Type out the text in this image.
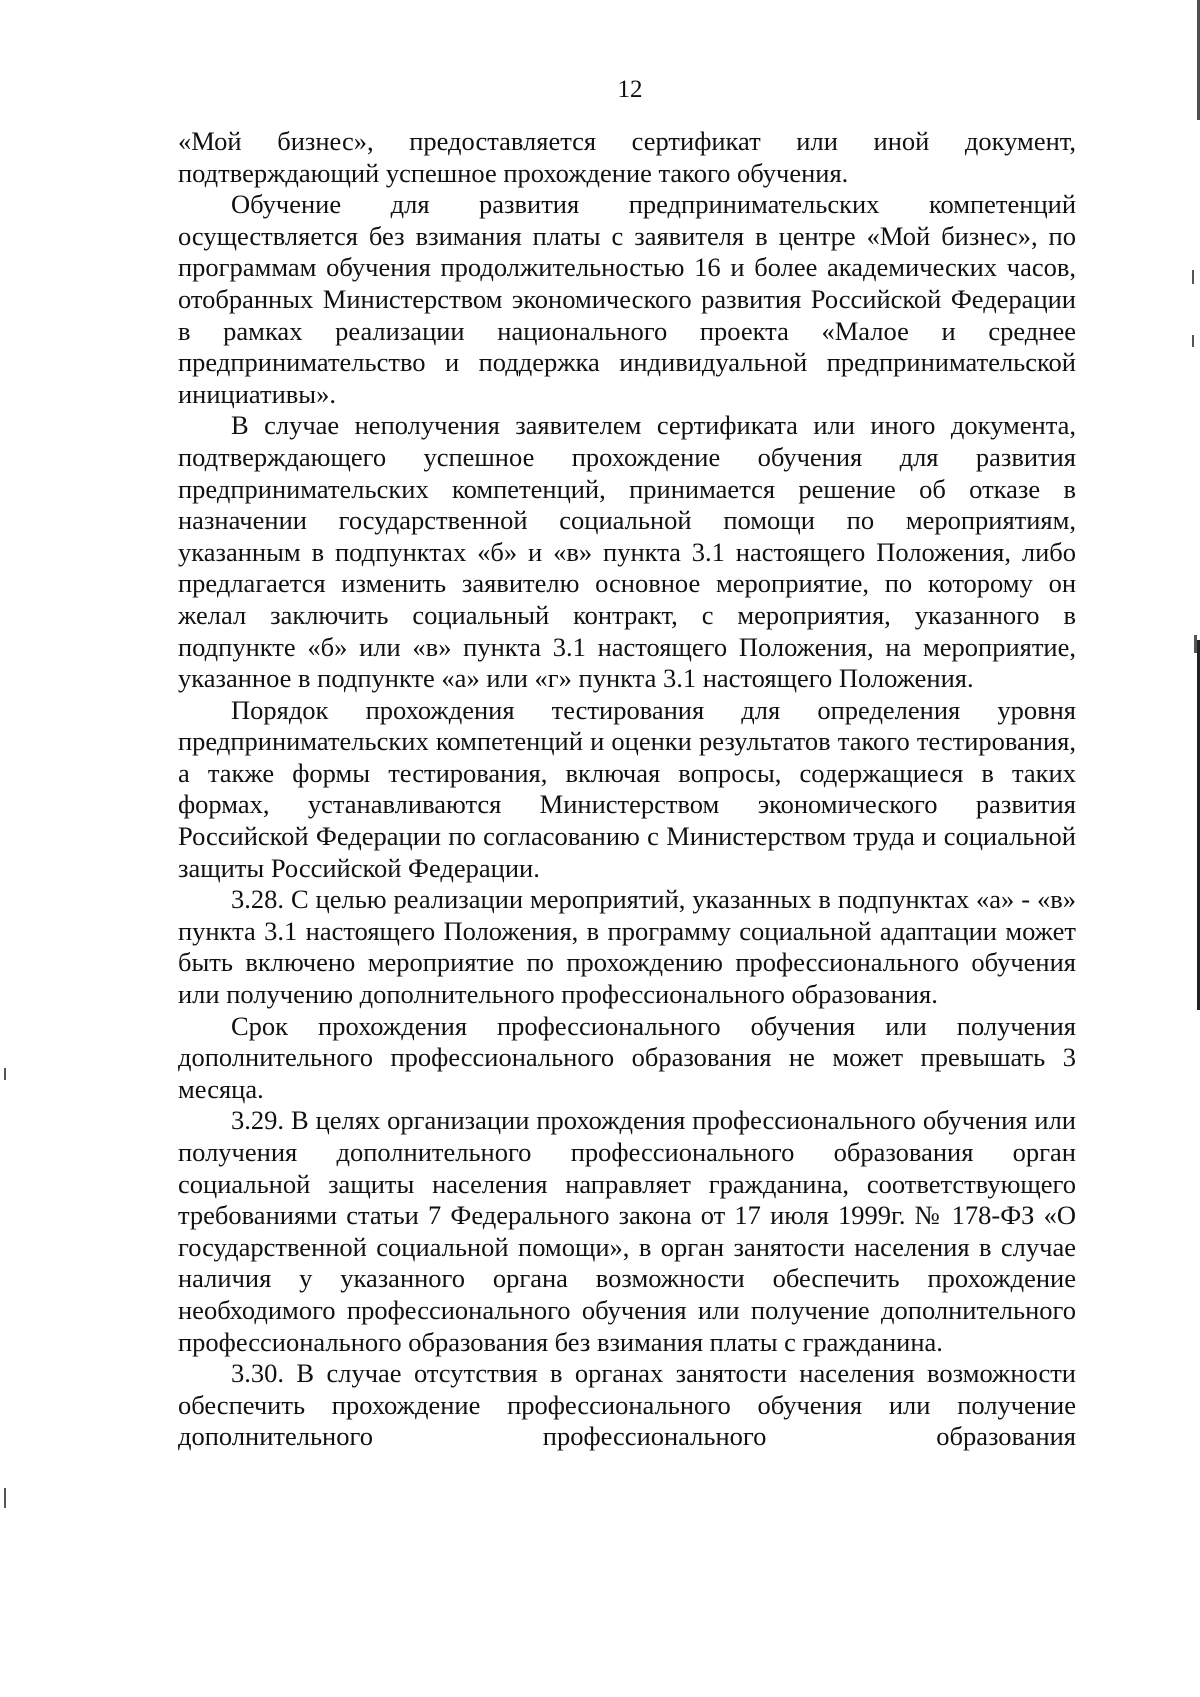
12

«Мой бизнес», предоставляется сертификат или иной документ, подтверждающий успешное прохождение такого обучения.

Обучение для развития предпринимательских компетенций осуществляется без взимания платы с заявителя в центре «Мой бизнес», по программам обучения продолжительностью 16 и более академических часов, отобранных Министерством экономического развития Российской Федерации в рамках реализации национального проекта «Малое и среднее предпринимательство и поддержка индивидуальной предпринимательской инициативы».

В случае неполучения заявителем сертификата или иного документа, подтверждающего успешное прохождение обучения для развития предпринимательских компетенций, принимается решение об отказе в назначении государственной социальной помощи по мероприятиям, указанным в подпунктах «б» и «в» пункта 3.1 настоящего Положения, либо предлагается изменить заявителю основное мероприятие, по которому он желал заключить социальный контракт, с мероприятия, указанного в подпункте «б» или «в» пункта 3.1 настоящего Положения, на мероприятие, указанное в подпункте «а» или «г» пункта 3.1 настоящего Положения.

Порядок прохождения тестирования для определения уровня предпринимательских компетенций и оценки результатов такого тестирования, а также формы тестирования, включая вопросы, содержащиеся в таких формах, устанавливаются Министерством экономического развития Российской Федерации по согласованию с Министерством труда и социальной защиты Российской Федерации.

3.28. С целью реализации мероприятий, указанных в подпунктах «а» - «в» пункта 3.1 настоящего Положения, в программу социальной адаптации может быть включено мероприятие по прохождению профессионального обучения или получению дополнительного профессионального образования.

Срок прохождения профессионального обучения или получения дополнительного профессионального образования не может превышать 3 месяца.

3.29. В целях организации прохождения профессионального обучения или получения дополнительного профессионального образования орган социальной защиты населения направляет гражданина, соответствующего требованиями статьи 7 Федерального закона от 17 июля 1999г. № 178-ФЗ «О государственной социальной помощи», в орган занятости населения в случае наличия у указанного органа возможности обеспечить прохождение необходимого профессионального обучения или получение дополнительного профессионального образования без взимания платы с гражданина.

3.30. В случае отсутствия в органах занятости населения возможности обеспечить прохождение профессионального обучения или получение дополнительного профессионального образования
